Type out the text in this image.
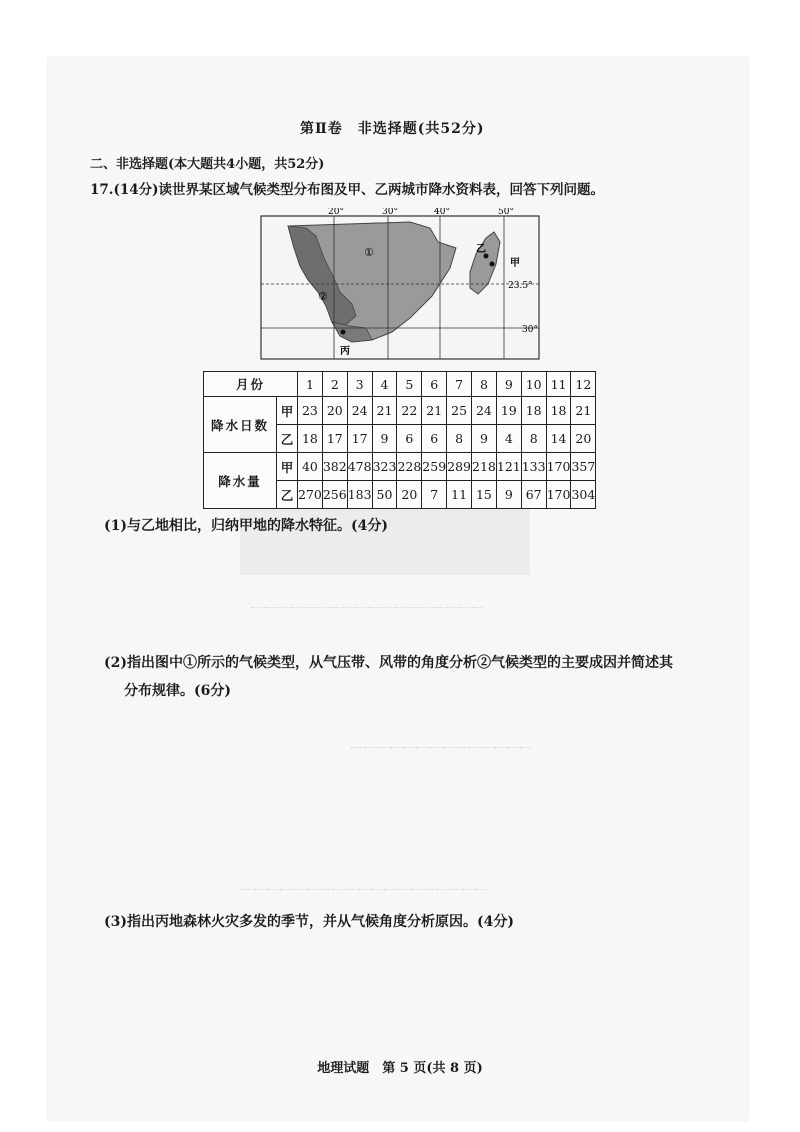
一一一一一一一一一一一一一一一一一一
一一一一一一一一一一一一一一
一一一一一一一一一一一一一一一一一一一
第Ⅱ卷　非选择题(共52分)
二、非选择题(本大题共4小题，共52分)
17.(14分)读世界某区域气候类型分布图及甲、乙两城市降水资料表，回答下列问题。
20°	30°	40°	50°
23.5°
30°
①
②
乙
甲
丙
月份		1	2	3	4	5	6	7	8	9	10	11	12
降水日数	甲	23	20	24	21	22	21	25	24	19	18	18	21
	乙	18	17	17	9	6	6	8	9	4	8	14	20
降水量	甲	40	382	478	323	228	259	289	218	121	133	170	357
	乙	270	256	183	50	20	7	11	15	9	67	170	304
(1)与乙地相比，归纳甲地的降水特征。(4分)
(2)指出图中①所示的气候类型，从气压带、风带的角度分析②气候类型的主要成因并简述其
分布规律。(6分)
(3)指出丙地森林火灾多发的季节，并从气候角度分析原因。(4分)
地理试题　第 5 页(共 8 页)
